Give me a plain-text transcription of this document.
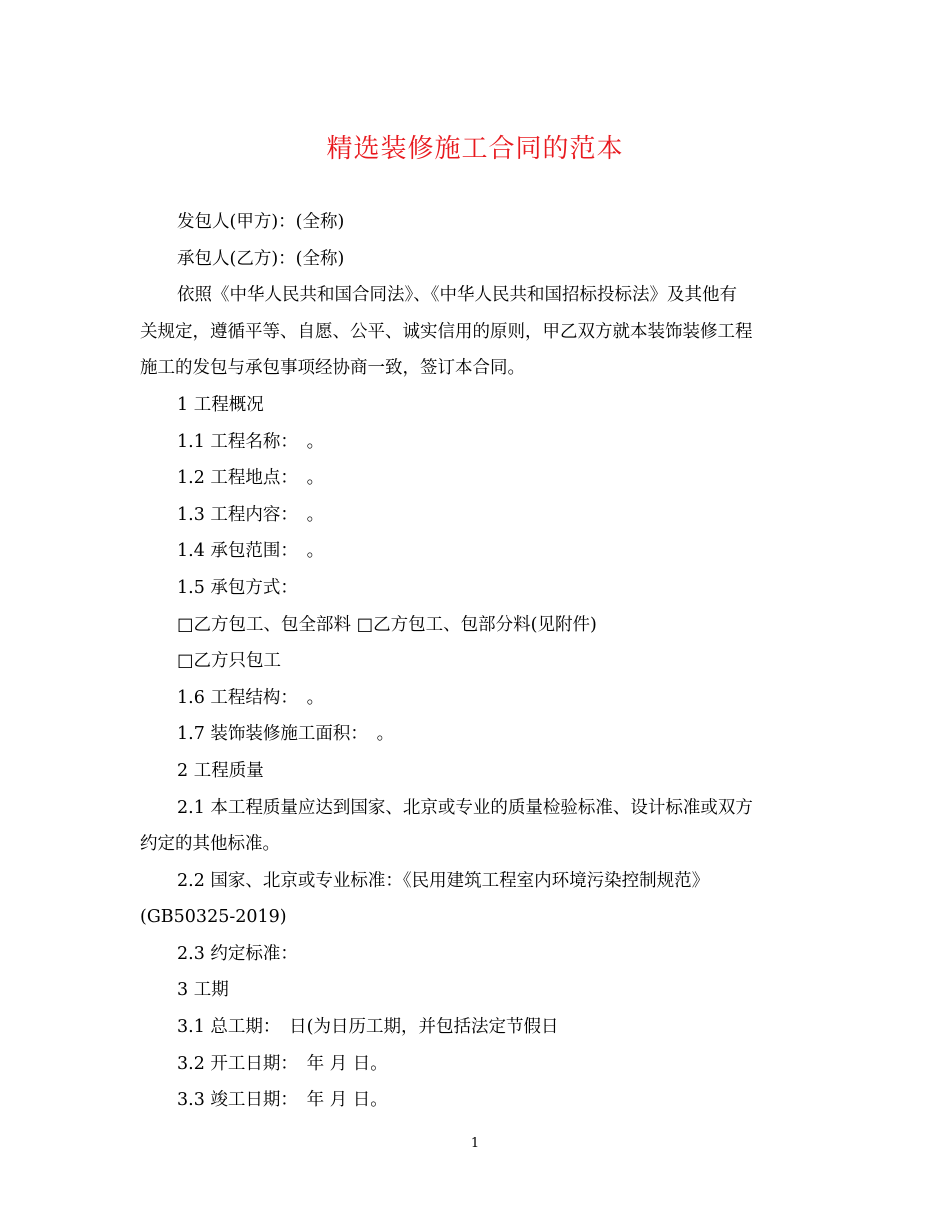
精选装修施工合同的范本

发包人(甲方)：(全称)

承包人(乙方)：(全称)

依照《中华人民共和国合同法》、《中华人民共和国招标投标法》及其他有

关规定，遵循平等、自愿、公平、诚实信用的原则，甲乙双方就本装饰装修工程

施工的发包与承包事项经协商一致，签订本合同。

1 工程概况

1.1 工程名称：　。

1.2 工程地点：　。

1.3 工程内容：　。

1.4 承包范围：　。

1.5 承包方式：

□乙方包工、包全部料 □乙方包工、包部分料(见附件)

□乙方只包工

1.6 工程结构：　。

1.7 装饰装修施工面积：　。

2 工程质量

2.1 本工程质量应达到国家、北京或专业的质量检验标准、设计标准或双方

约定的其他标准。

2.2 国家、北京或专业标准：《民用建筑工程室内环境污染控制规范》

(GB50325-2019)

2.3 约定标准：

3 工期

3.1 总工期：　日(为日历工期，并包括法定节假日

3.2 开工日期：　年 月 日。

3.3 竣工日期：　年 月 日。

1
